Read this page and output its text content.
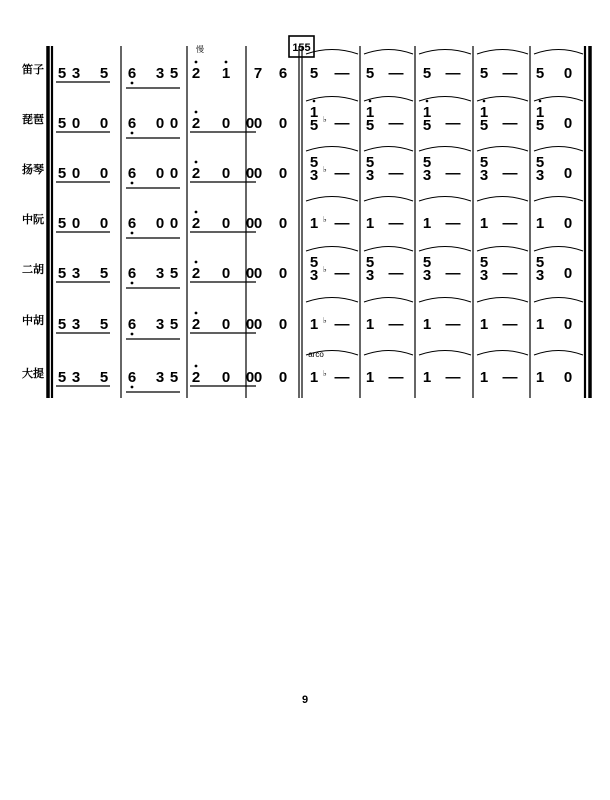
155
慢
arco
笛子
琵琶
扬琴
中阮
二胡
中胡
大提
5 3 5 6 3 5 2 1 7 6 5 — 5 — 5 — 5 — 5 0
5 0 0 6 0 0 2 0 0 0 0
1
5 ♭ —
1
5 —
1
5 —
1
5 —
1
5 0
5 0 0 6 0 0 2 0 0 0 0
5
3 ♭ —
5
3 —
5
3 —
5
3 —
5
3 0
5 0 0 6 0 0 2 0 0 0 0 1 ♭ — 1 — 1 — 1 — 1 0
5 3 5 6 3 5 2 0 0 0 0
5
3 ♭ —
5
3 —
5
3 —
5
3 —
5
3 0
5 3 5 6 3 5 2 0 0 0 0 1 ♭ — 1 — 1 — 1 — 1 0
5 3 5 6 3 5 2 0 0 0 0 1 ♭ — 1 — 1 — 1 — 1 0
9
